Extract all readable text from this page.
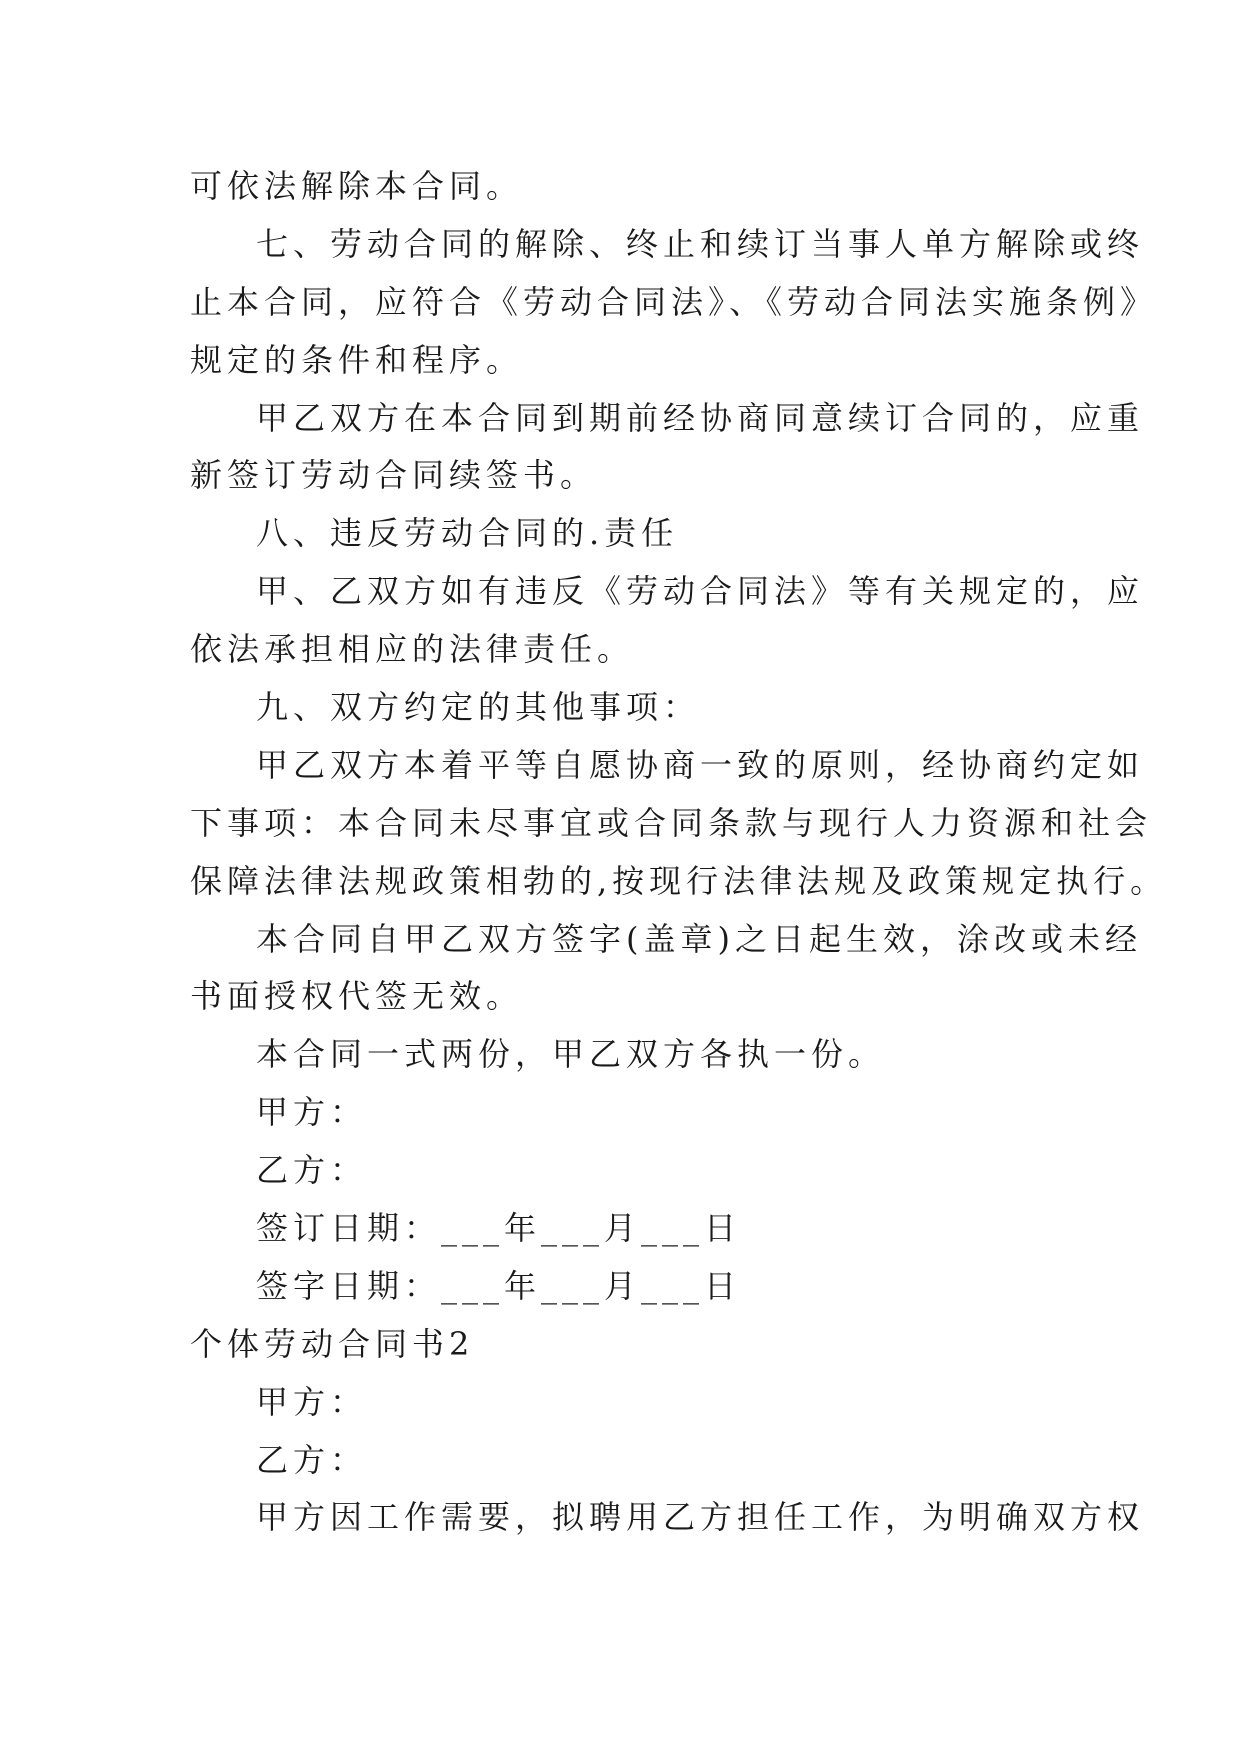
可依法解除本合同。
七、劳动合同的解除、终止和续订当事人单方解除或终
止本合同，应符合《劳动合同法》、《劳动合同法实施条例》
规定的条件和程序。
甲乙双方在本合同到期前经协商同意续订合同的，应重
新签订劳动合同续签书。
八、违反劳动合同的.责任
甲、乙双方如有违反《劳动合同法》等有关规定的，应
依法承担相应的法律责任。
九、双方约定的其他事项：
甲乙双方本着平等自愿协商一致的原则，经协商约定如
下事项：本合同未尽事宜或合同条款与现行人力资源和社会
保障法律法规政策相勃的,按现行法律法规及政策规定执行。
本合同自甲乙双方签字(盖章)之日起生效，涂改或未经
书面授权代签无效。
本合同一式两份，甲乙双方各执一份。
甲方：
乙方：
签订日期：___年___月___日
签字日期：___年___月___日
个体劳动合同书2
甲方：
乙方：
甲方因工作需要，拟聘用乙方担任工作，为明确双方权
